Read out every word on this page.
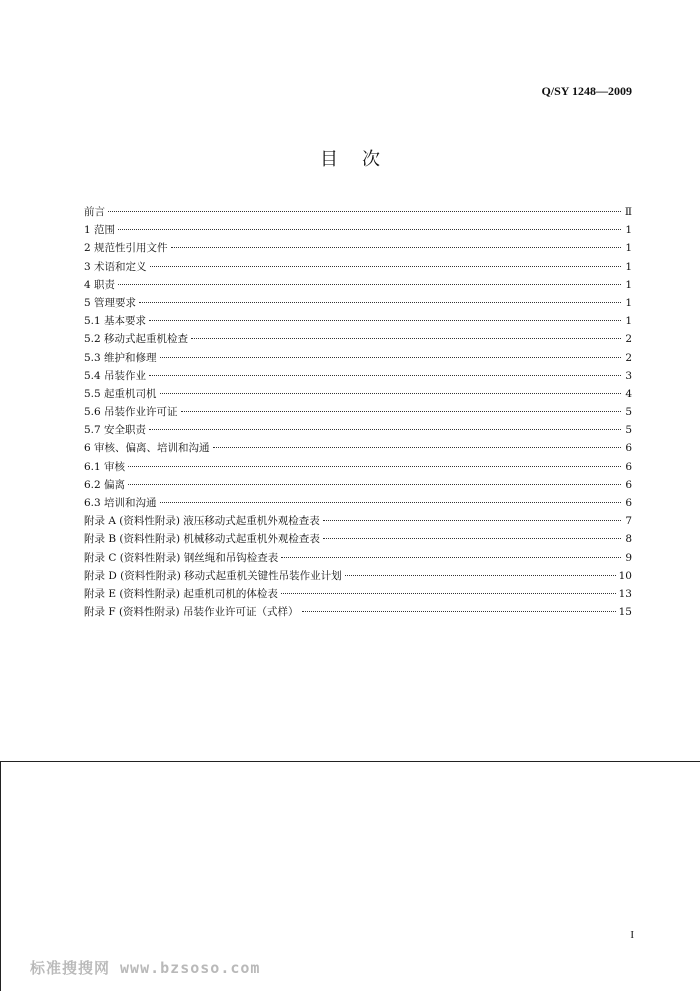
Q/SY 1248—2009
目次
前言	Ⅱ
1 范围	1
2 规范性引用文件	1
3 术语和定义	1
4 职责	1
5 管理要求	1
5.1 基本要求	1
5.2 移动式起重机检查	2
5.3 维护和修理	2
5.4 吊装作业	3
5.5 起重机司机	4
5.6 吊装作业许可证	5
5.7 安全职责	5
6 审核、偏离、培训和沟通	6
6.1 审核	6
6.2 偏离	6
6.3 培训和沟通	6
附录 A (资料性附录) 液压移动式起重机外观检查表	7
附录 B (资料性附录) 机械移动式起重机外观检查表	8
附录 C (资料性附录) 钢丝绳和吊钩检查表	9
附录 D (资料性附录) 移动式起重机关键性吊装作业计划	10
附录 E (资料性附录) 起重机司机的体检表	13
附录 F (资料性附录) 吊装作业许可证（式样）	15
I
标准搜搜网 www.bzsoso.com
